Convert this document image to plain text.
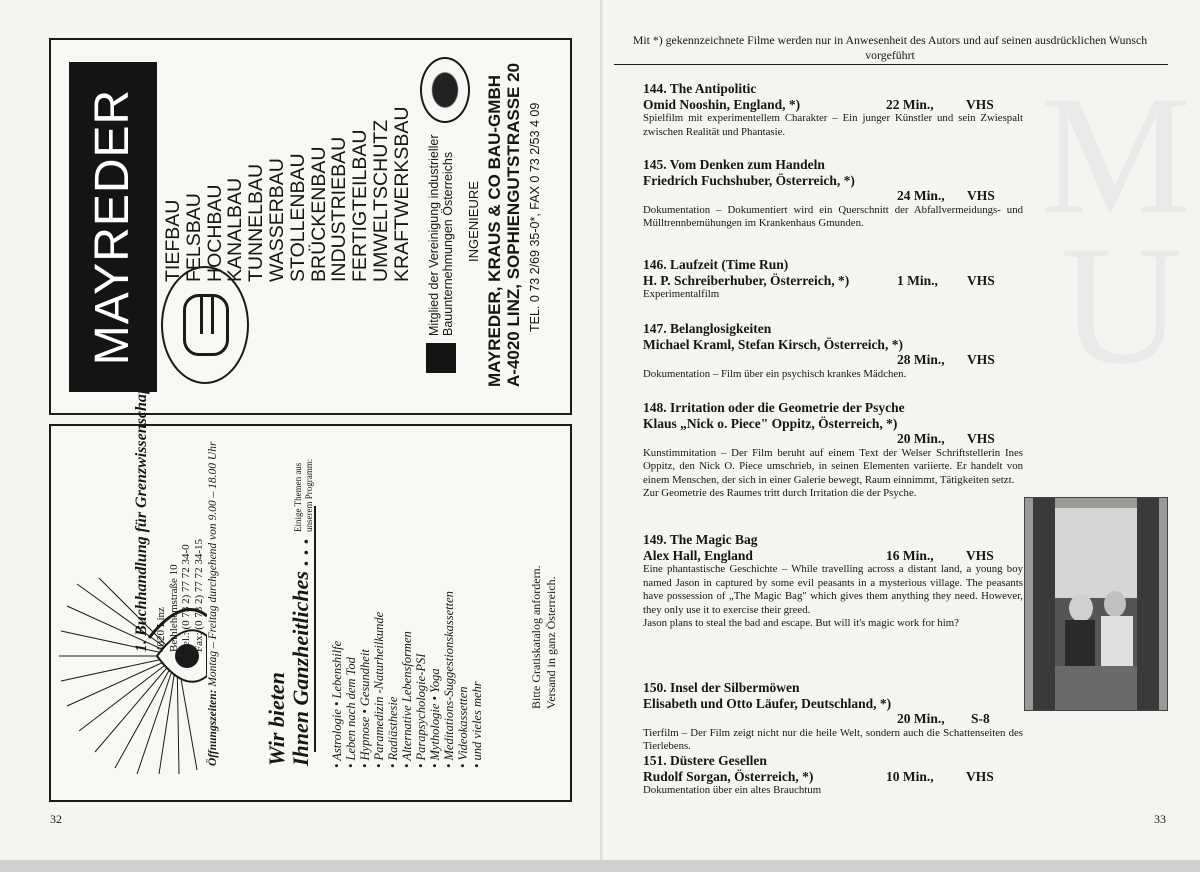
MAYREDER	TIEFBAU
FELSBAU
HOCHBAU
KANALBAU
TUNNELBAU
WASSERBAU
STOLLENBAU
BRÜCKENBAU
INDUSTRIEBAU
FERTIGTEILBAU
UMWELTSCHUTZ
KRAFTWERKSBAU Mitglied der Vereinigung industrieller Bauunternehmungen Österreichs INGENIEURE MAYREDER, KRAUS & CO BAU-GMBH A-4020 LINZ, SOPHIENGUTSTRASSE 20 TEL. 0 73 2/69 35-0*, FAX 0 73 2/53 4 09
1. Buchhandlung für Grenzwissenschaften 4020 Linz Bethlehemstraße 10 Tel.: (0 73 2) 77 72 34-0 Fax: (0 73 2) 77 72 34-15
Öffnungszeiten: Montag – Freitag durchgehend von 9.00 – 18.00 Uhr
Wir bieten Ihnen Ganzheitliches . . .
Einige Themen aus unserem Programm:
• Astrologie • Lebenshilfe • Leben nach dem Tod • Hypnose • Gesundheit • Paramedizin -Naturheilkunde • Radiästhesie • Alternative Lebensformen • Parapsychologie-PSI • Mythologie • Yoga • Meditations-Suggestionskassetten • Videokassetten • und vieles mehr
Bitte Gratiskatalog anfordern. Versand in ganz Österreich.
32	33
M
U
Mit *) gekennzeichnete Filme werden nur in Anwesenheit des Autors und auf seinen ausdrücklichen Wunsch vorgeführt
144. The Antipolitic
Omid Nooshin, England, *)	22 Min., VHS
Spielfilm mit experimentellem Charakter – Ein junger Künstler und sein Zwiespalt zwischen Realität und Phantasie.
145. Vom Denken zum Handeln
Friedrich Fuchshuber, Österreich, *)
24 Min., VHS
Dokumentation – Dokumentiert wird ein Querschnitt der Abfallvermeidungs- und Mülltrennbemühungen im Krankenhaus Gmunden.
146. Laufzeit (Time Run)
H. P. Schreiberhuber, Österreich, *)	1 Min., VHS
Experimentalfilm
147. Belanglosigkeiten
Michael Kraml, Stefan Kirsch, Österreich, *)
28 Min., VHS
Dokumentation – Film über ein psychisch krankes Mädchen.
148. Irritation oder die Geometrie der Psyche
Klaus „Nick o. Piece" Oppitz, Österreich, *)
20 Min., VHS
Kunstimmitation – Der Film beruht auf einem Text der Welser Schriftstellerin Ines Oppitz, den Nick O. Piece umschrieb, in seinen Elementen variierte. Er handelt von einem Menschen, der sich in einer Galerie bewegt, Raum einnimmt, Tätigkeiten setzt.
Zur Geometrie des Raumes tritt durch Irritation die der Psyche.
149. The Magic Bag
Alex Hall, England	16 Min., VHS
Eine phantastische Geschichte – While travelling across a distant land, a young boy named Jason in captured by some evil peasants in a mysterious village. The peasants have possession of „The Magic Bag" which gives them anything they need. However, they only use it to exercise their greed.
Jason plans to steal the bad and escape. But will it's magic work for him?
150. Insel der Silbermöwen
Elisabeth und Otto Läufer, Deutschland, *)
20 Min., S-8
Tierfilm – Der Film zeigt nicht nur die heile Welt, sondern auch die Schattenseiten des Tierlebens.
151. Düstere Gesellen
Rudolf Sorgan, Österreich, *)	10 Min., VHS
Dokumentation über ein altes Brauchtum
